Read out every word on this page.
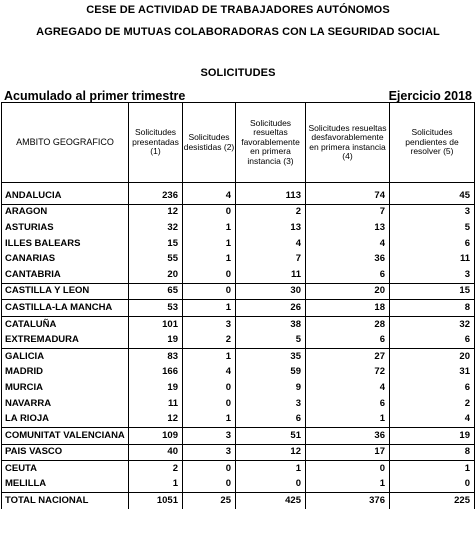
CESE DE ACTIVIDAD DE TRABAJADORES AUTÓNOMOS
AGREGADO DE MUTUAS COLABORADORAS CON LA SEGURIDAD SOCIAL
SOLICITUDES
Acumulado al primer trimestre	Ejercicio 2018
AMBITO GEOGRAFICO	Solicitudes presentadas (1)	Solicitudes desistidas (2)	Solicitudes resueltas favorablemente en primera instancia (3)	Solicitudes resueltas desfavorablemente en primera instancia (4)	Solicitudes pendientes de resolver (5)

ANDALUCIA	236	4	113	74	45
ARAGON	12	0	2	7	3
ASTURIAS	32	1	13	13	5
ILLES BALEARS	15	1	4	4	6
CANARIAS	55	1	7	36	11
CANTABRIA	20	0	11	6	3
CASTILLA Y LEON	65	0	30	20	15
CASTILLA-LA MANCHA	53	1	26	18	8
CATALUÑA	101	3	38	28	32
EXTREMADURA	19	2	5	6	6
GALICIA	83	1	35	27	20
MADRID	166	4	59	72	31
MURCIA	19	0	9	4	6
NAVARRA	11	0	3	6	2
LA RIOJA	12	1	6	1	4
COMUNITAT VALENCIANA	109	3	51	36	19
PAIS VASCO	40	3	12	17	8
CEUTA	2	0	1	0	1
MELILLA	1	0	0	1	0
TOTAL NACIONAL	1051	25	425	376	225
